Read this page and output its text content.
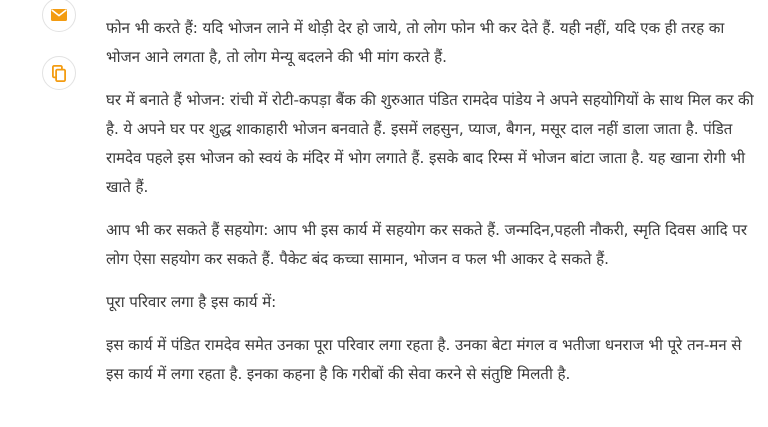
फोन भी करते हैं: यदि भोजन लाने में थोड़ी देर हो जाये, तो लोग फोन भी कर देते हैं. यही नहीं, यदि एक ही तरह का भोजन आने लगता है, तो लोग मेन्यू बदलने की भी मांग करते हैं.

घर में बनाते हैं भोजन: रांची में रोटी-कपड़ा बैंक की शुरुआत पंडित रामदेव पांडेय ने अपने सहयोगियों के साथ मिल कर की है. ये अपने घर पर शुद्ध शाकाहारी भोजन बनवाते हैं. इसमें लहसुन, प्याज, बैगन, मसूर दाल नहीं डाला जाता है. पंडित रामदेव पहले इस भोजन को स्वयं के मंदिर में भोग लगाते हैं. इसके बाद रिम्स में भोजन बांटा जाता है. यह खाना रोगी भी खाते हैं.

आप भी कर सकते हैं सहयोग: आप भी इस कार्य में सहयोग कर सकते हैं. जन्मदिन,पहली नौकरी, स्मृति दिवस आदि पर लोग ऐसा सहयोग कर सकते हैं. पैकेट बंद कच्चा सामान, भोजन व फल भी आकर दे सकते हैं.

पूरा परिवार लगा है इस कार्य में:

इस कार्य में पंडित रामदेव समेत उनका पूरा परिवार लगा रहता है. उनका बेटा मंगल व भतीजा धनराज भी पूरे तन-मन से इस कार्य में लगा रहता है. इनका कहना है कि गरीबों की सेवा करने से संतुष्टि मिलती है.
